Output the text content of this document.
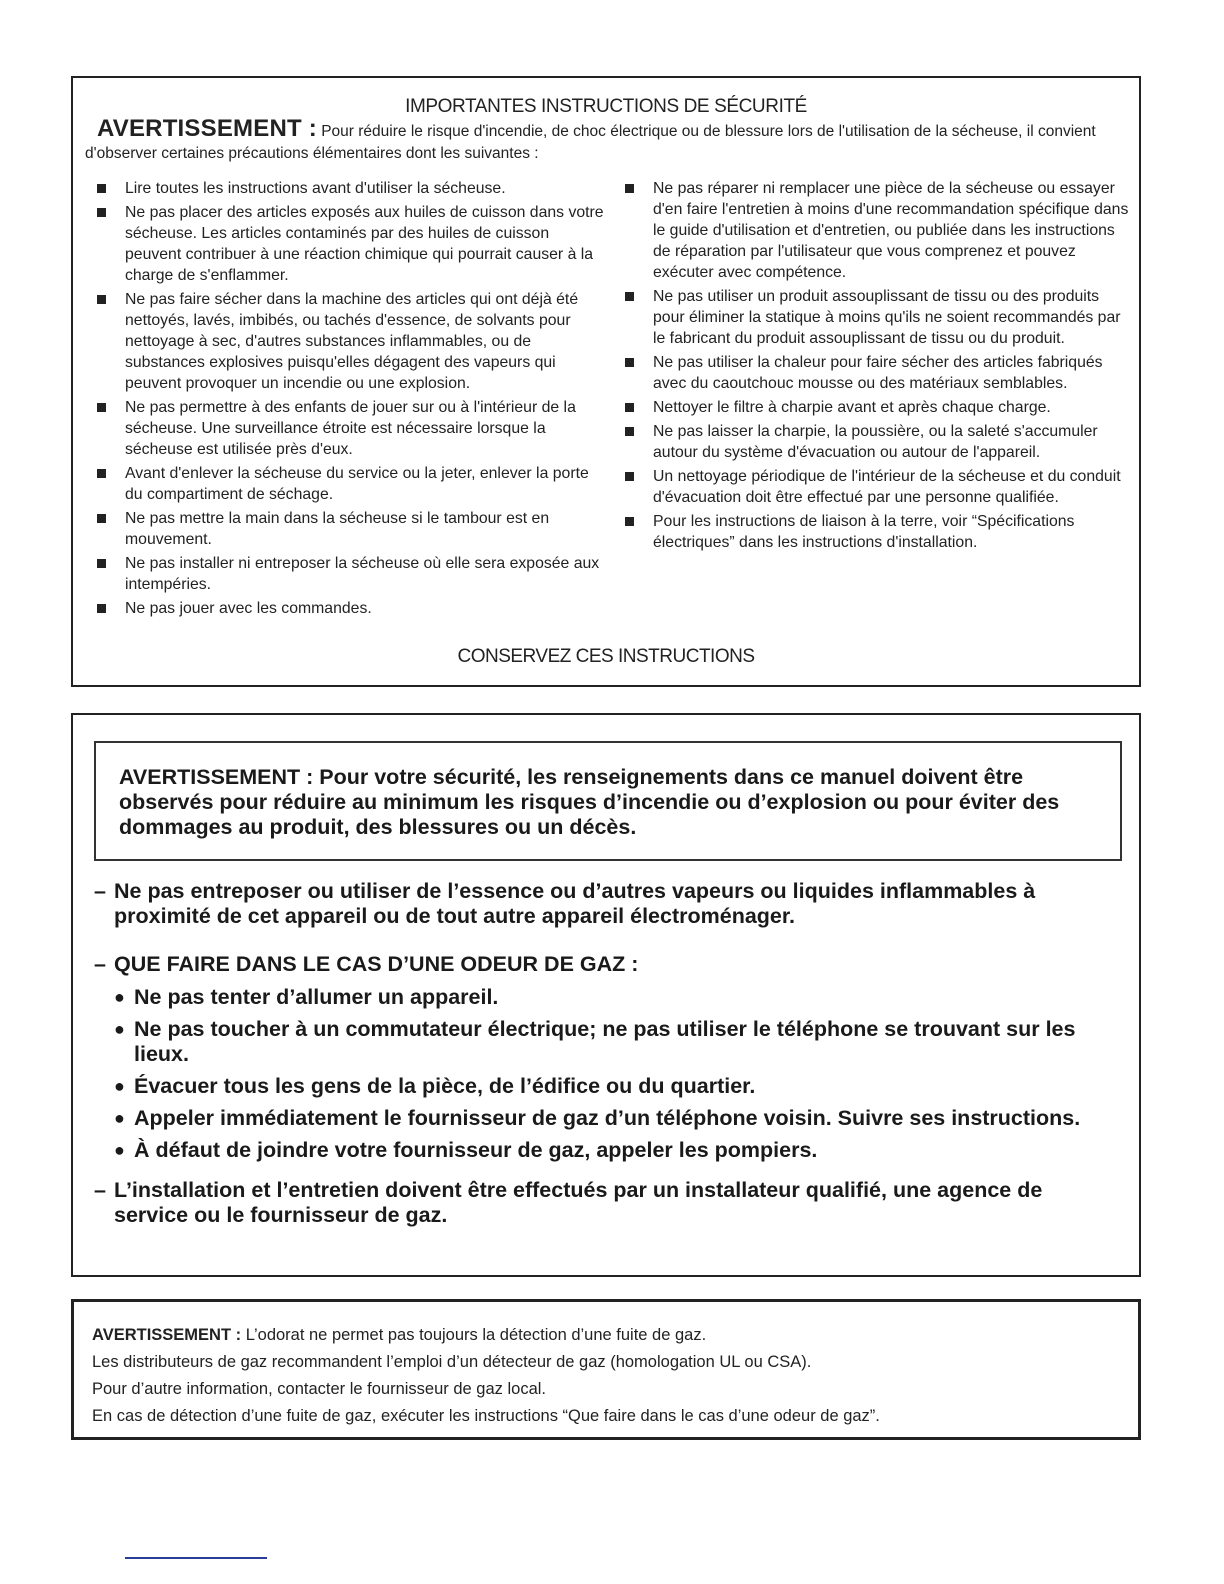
IMPORTANTES INSTRUCTIONS DE SÉCURITÉ
AVERTISSEMENT : Pour réduire le risque d'incendie, de choc électrique ou de blessure lors de l'utilisation de la sécheuse, il convient d'observer certaines précautions élémentaires dont les suivantes :
Lire toutes les instructions avant d'utiliser la sécheuse.
Ne pas placer des articles exposés aux huiles de cuisson dans votre sécheuse. Les articles contaminés par des huiles de cuisson peuvent contribuer à une réaction chimique qui pourrait causer à la charge de s'enflammer.
Ne pas faire sécher dans la machine des articles qui ont déjà été nettoyés, lavés, imbibés, ou tachés d'essence, de solvants pour nettoyage à sec, d'autres substances inflammables, ou de substances explosives puisqu'elles dégagent des vapeurs qui peuvent provoquer un incendie ou une explosion.
Ne pas permettre à des enfants de jouer sur ou à l'intérieur de la sécheuse. Une surveillance étroite est nécessaire lorsque la sécheuse est utilisée près d'eux.
Avant d'enlever la sécheuse du service ou la jeter, enlever la porte du compartiment de séchage.
Ne pas mettre la main dans la sécheuse si le tambour est en mouvement.
Ne pas installer ni entreposer la sécheuse où elle sera exposée aux intempéries.
Ne pas jouer avec les commandes.
Ne pas réparer ni remplacer une pièce de la sécheuse ou essayer d'en faire l'entretien à moins d'une recommandation spécifique dans le guide d'utilisation et d'entretien, ou publiée dans les instructions de réparation par l'utilisateur que vous comprenez et pouvez exécuter avec compétence.
Ne pas utiliser un produit assouplissant de tissu ou des produits pour éliminer la statique à moins qu'ils ne soient recommandés par le fabricant du produit assouplissant de tissu ou du produit.
Ne pas utiliser la chaleur pour faire sécher des articles fabriqués avec du caoutchouc mousse ou des matériaux semblables.
Nettoyer le filtre à charpie avant et après chaque charge.
Ne pas laisser la charpie, la poussière, ou la saleté s'accumuler autour du système d'évacuation ou autour de l'appareil.
Un nettoyage périodique de l'intérieur de la sécheuse et du conduit d'évacuation doit être effectué par une personne qualifiée.
Pour les instructions de liaison à la terre, voir “Spécifications électriques” dans les instructions d'installation.
CONSERVEZ CES INSTRUCTIONS
AVERTISSEMENT : Pour votre sécurité, les renseignements dans ce manuel doivent être observés pour réduire au minimum les risques d’incendie ou d’explosion ou pour éviter des dommages au produit, des blessures ou un décès.
– Ne pas entreposer ou utiliser de l’essence ou d’autres vapeurs ou liquides inflammables à proximité de cet appareil ou de tout autre appareil électroménager.
– QUE FAIRE DANS LE CAS D’UNE ODEUR DE GAZ :
● Ne pas tenter d’allumer un appareil.
● Ne pas toucher à un commutateur électrique; ne pas utiliser le téléphone se trouvant sur les lieux.
● Évacuer tous les gens de la pièce, de l’édifice ou du quartier.
● Appeler immédiatement le fournisseur de gaz d’un téléphone voisin. Suivre ses instructions.
● À défaut de joindre votre fournisseur de gaz, appeler les pompiers.
– L’installation et l’entretien doivent être effectués par un installateur qualifié, une agence de service ou le fournisseur de gaz.
AVERTISSEMENT : L’odorat ne permet pas toujours la détection d’une fuite de gaz.
Les distributeurs de gaz recommandent l’emploi d’un détecteur de gaz (homologation UL ou CSA).
Pour d’autre information, contacter le fournisseur de gaz local.
En cas de détection d’une fuite de gaz, exécuter les instructions “Que faire dans le cas d’une odeur de gaz”.
